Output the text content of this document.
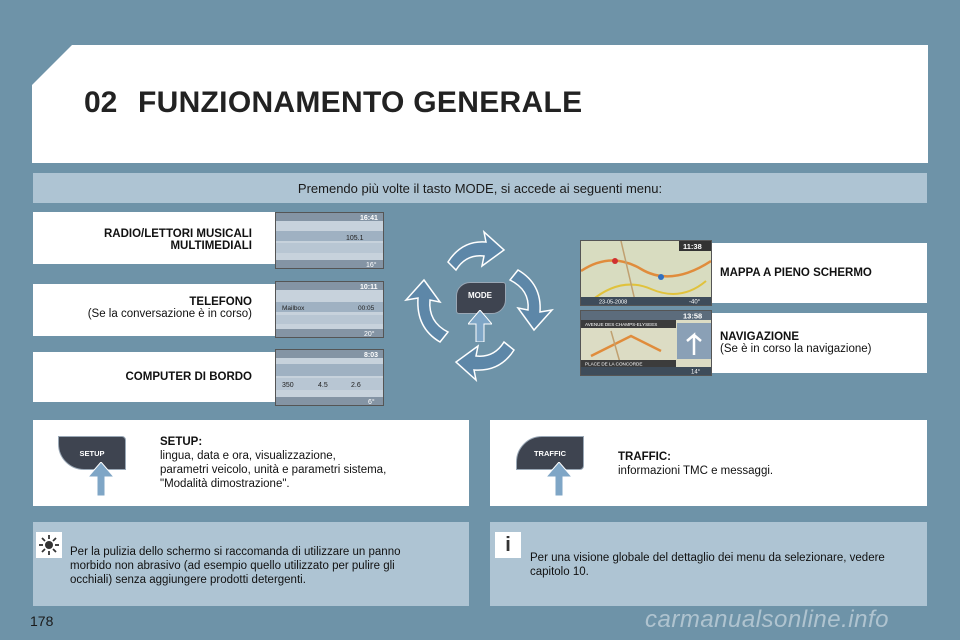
02 FUNZIONAMENTO GENERALE
Premendo più volte il tasto MODE, si accede ai seguenti menu:
RADIO/LETTORI MUSICALI
MULTIMEDIALI
TELEFONO
(Se la conversazione è in corso)
COMPUTER DI BORDO
16:41
105.1
16°
10:11
Mailbox	00:05
20°
8:03
350	4.5	2.6
6°
MAPPA A PIENO SCHERMO
NAVIGAZIONE
(Se è in corso la navigazione)
11:38
23-05-2008	-40°
13:58
AVENUE DES CHAMPS-ELYSEES
PLACE DE LA CONCORDE
14°
MODE
SETUP
SETUP:
lingua, data e ora, visualizzazione,
parametri veicolo, unità e parametri sistema,
"Modalità dimostrazione".
TRAFFIC	TRAFFIC:
informazioni TMC e messaggi.
Per la pulizia dello schermo si raccomanda di utilizzare un panno
morbido non abrasivo (ad esempio quello utilizzato per pulire gli
occhiali) senza aggiungere prodotti detergenti.
i
Per una visione globale del dettaglio dei menu da selezionare, vedere
capitolo 10.
178	carmanualsonline.info
